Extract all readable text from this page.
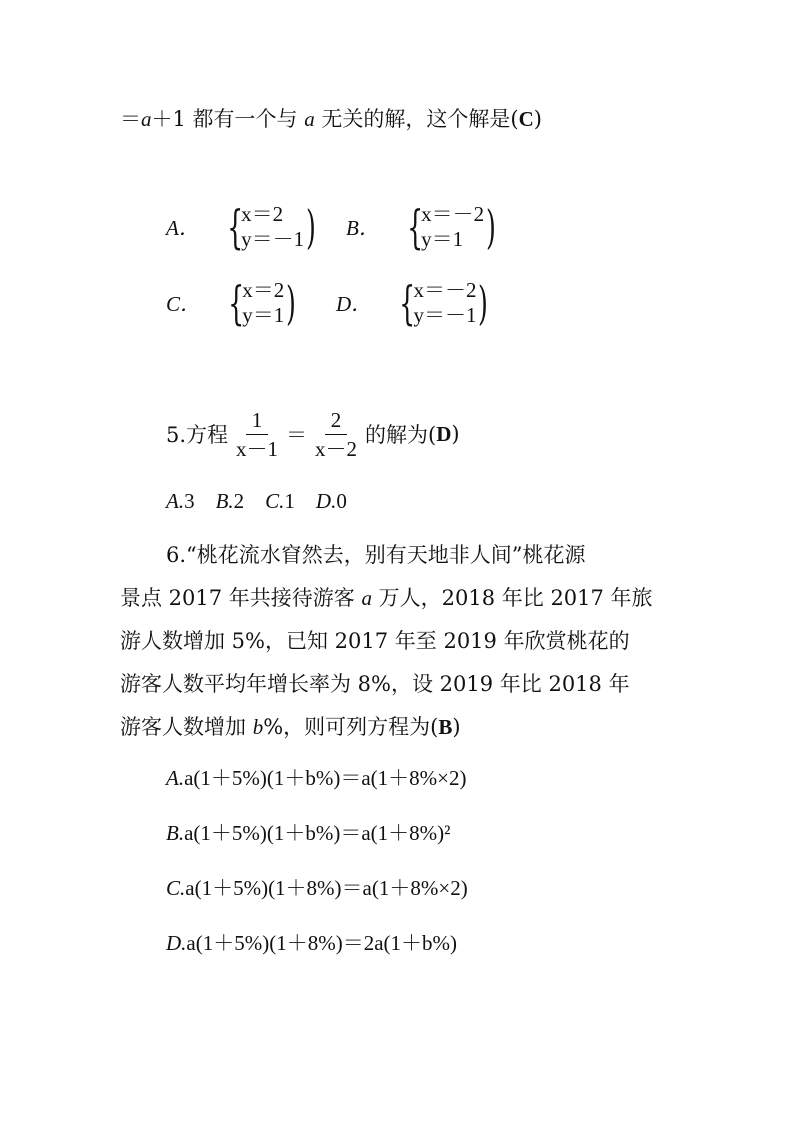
＝a＋1 都有一个与 a 无关的解，这个解是(C)
A． {
x＝2
y＝－1 ) B． {
x＝－2
y＝1 )
C． {
x＝2
y＝1 ) D． {
x＝－2
y＝－1 )
5.方程 $\frac{1}{x-1} = \frac{2}{x-2}$ 的解为( D )
A.3  B.2  C.1  D.0
6.“桃花流水窅然去，别有天地非人间”桃花源
景点 2017 年共接待游客 a 万人，2018 年比 2017 年旅
游人数增加 5%，已知 2017 年至 2019 年欣赏桃花的
游客人数平均年增长率为 8%，设 2019 年比 2018 年
游客人数增加 b%，则可列方程为(B)
A.a(1＋5%)(1＋b%)＝a(1＋8%×2)
B.a(1＋5%)(1＋b%)＝a(1＋8%)²
C.a(1＋5%)(1＋8%)＝a(1＋8%×2)
D.a(1＋5%)(1＋8%)＝2a(1＋b%)
